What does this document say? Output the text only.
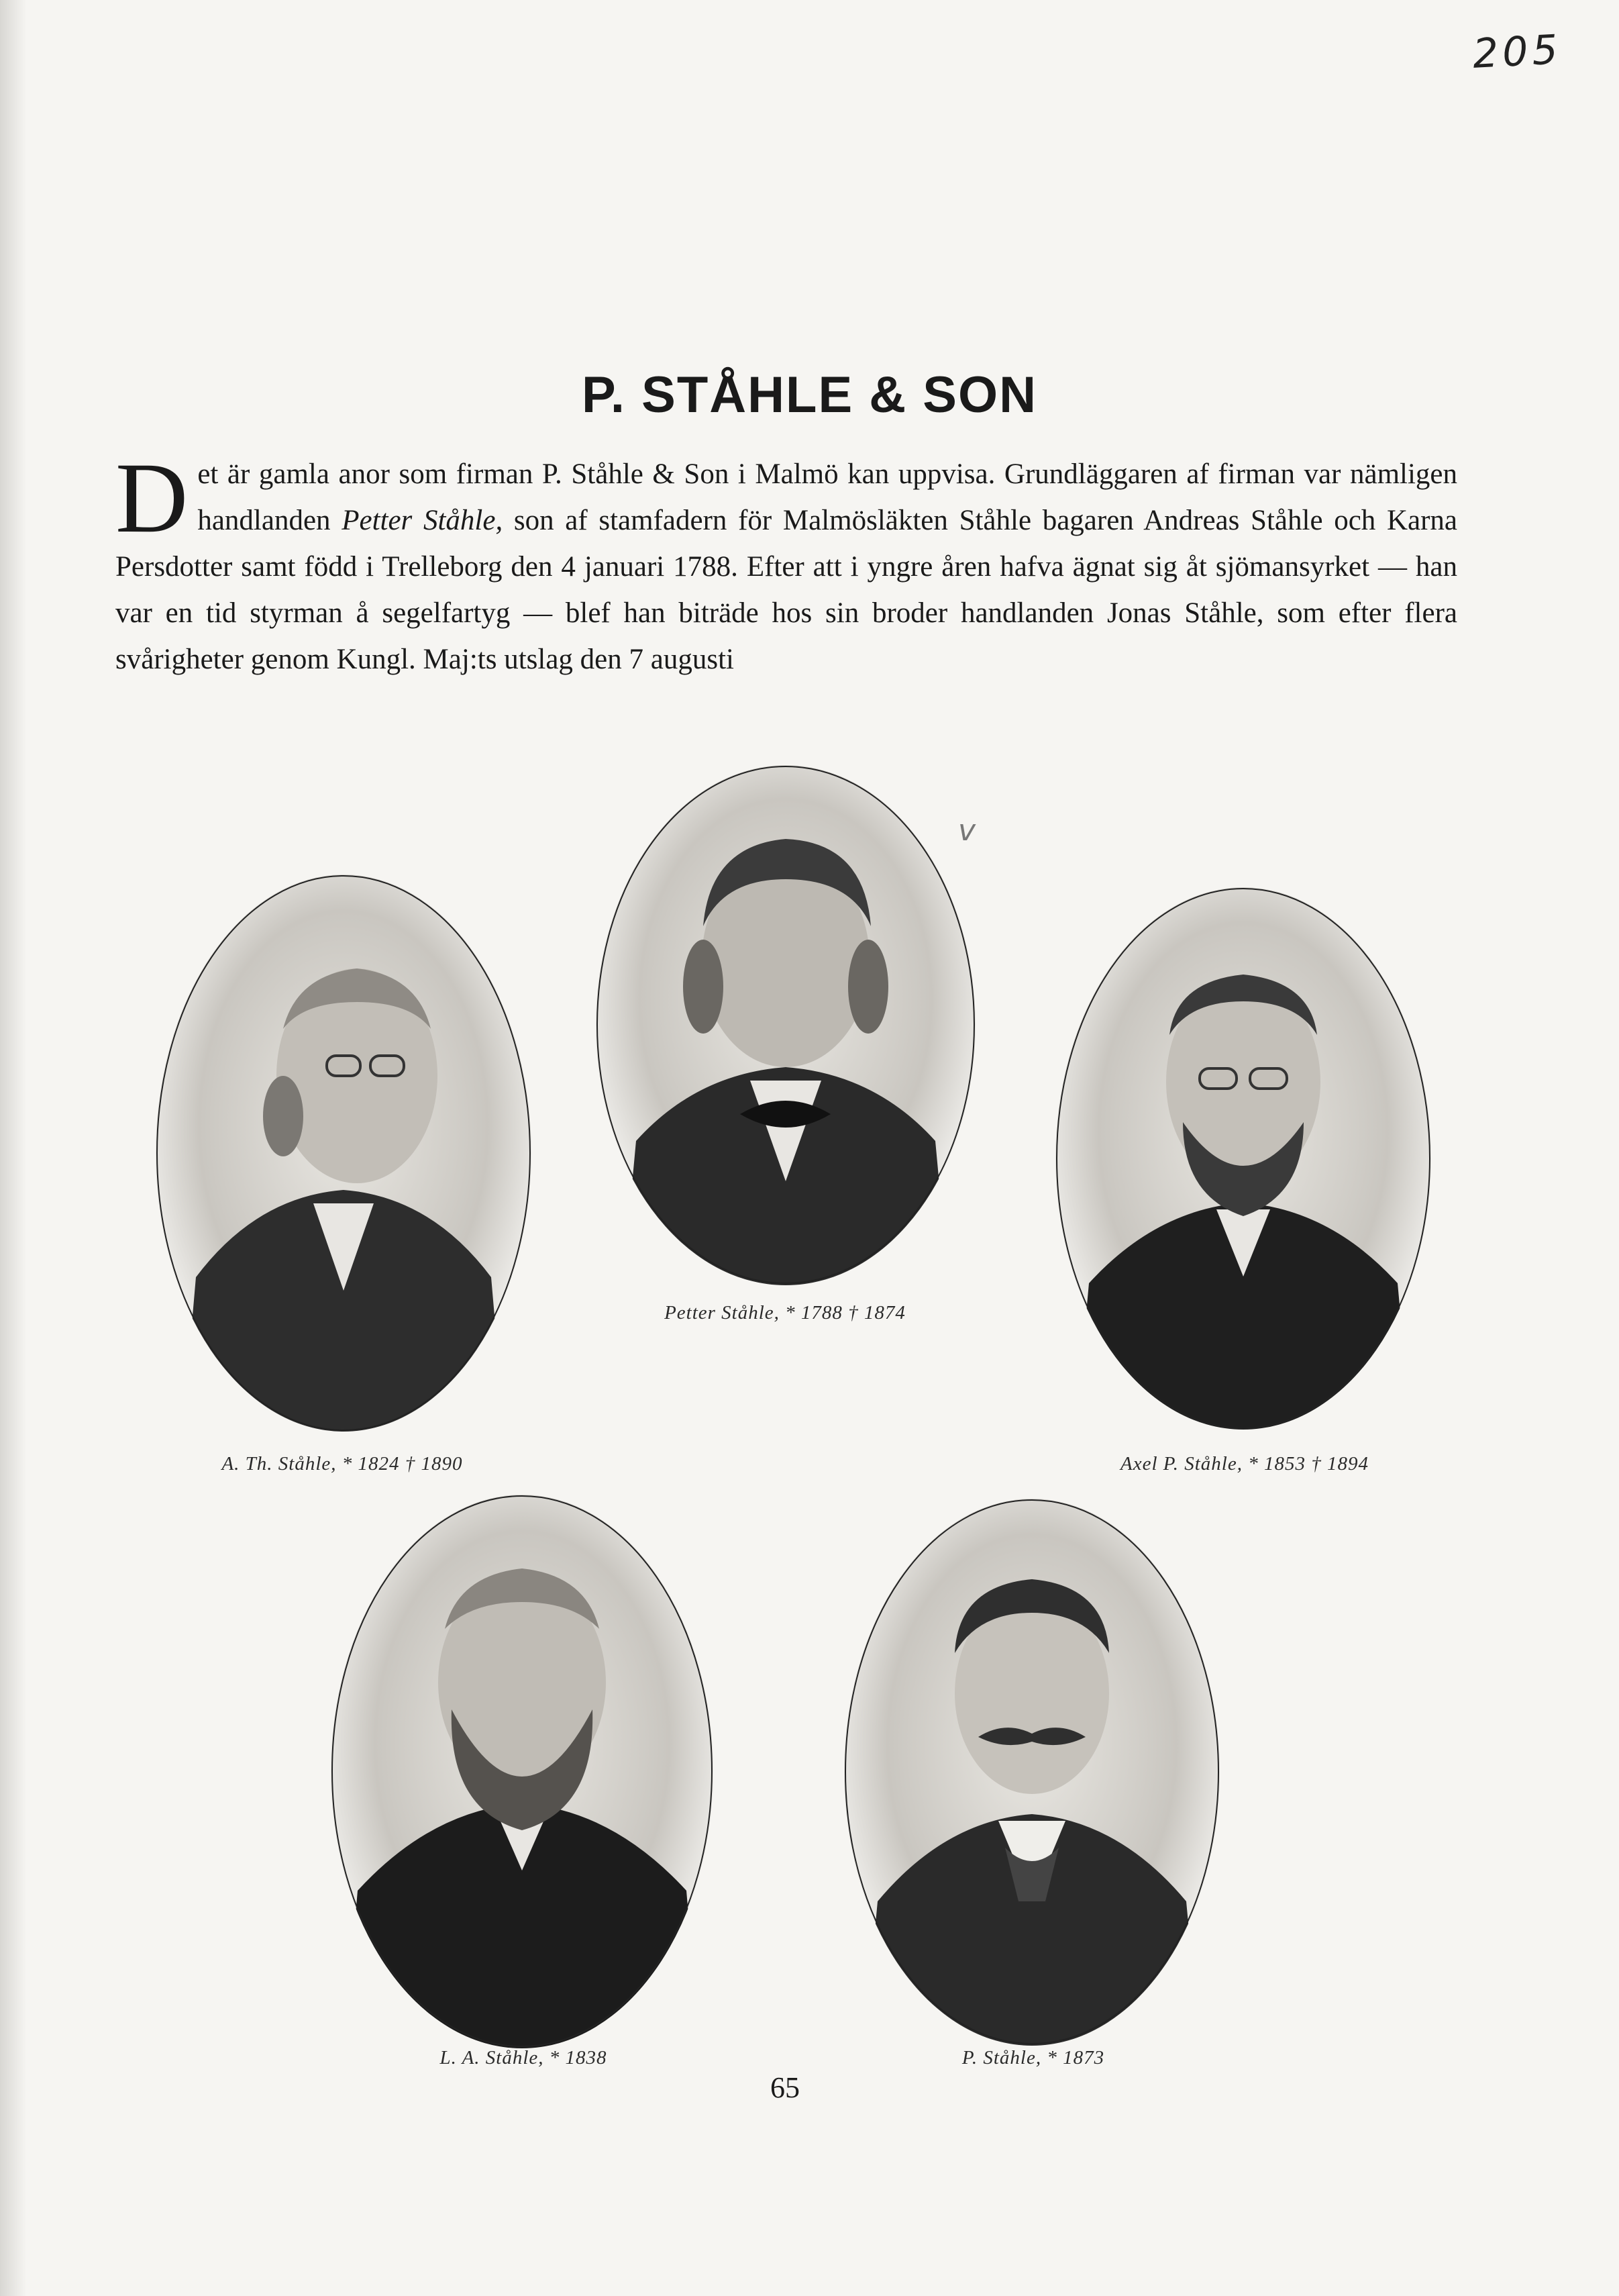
205
P. STÅHLE & SON

Det är gamla anor som firman P. Ståhle & Son i Malmö kan uppvisa. Grundläggaren af firman var nämligen handlanden Petter Ståhle, son af stamfadern för Malmösläkten Ståhle bagaren Andreas Ståhle och Karna Persdotter samt född i Trelleborg den 4 januari 1788. Efter att i yngre åren hafva ägnat sig åt sjömansyrket — han var en tid styrman å segelfartyg — blef han biträde hos sin broder handlanden Jonas Ståhle, som efter flera svårigheter genom Kungl. Maj:ts utslag den 7 augusti

v
Petter Ståhle, * 1788 † 1874
A. Th. Ståhle, * 1824 † 1890	Axel P. Ståhle, * 1853 † 1894
L. A. Ståhle, * 1838	P. Ståhle, * 1873
65
